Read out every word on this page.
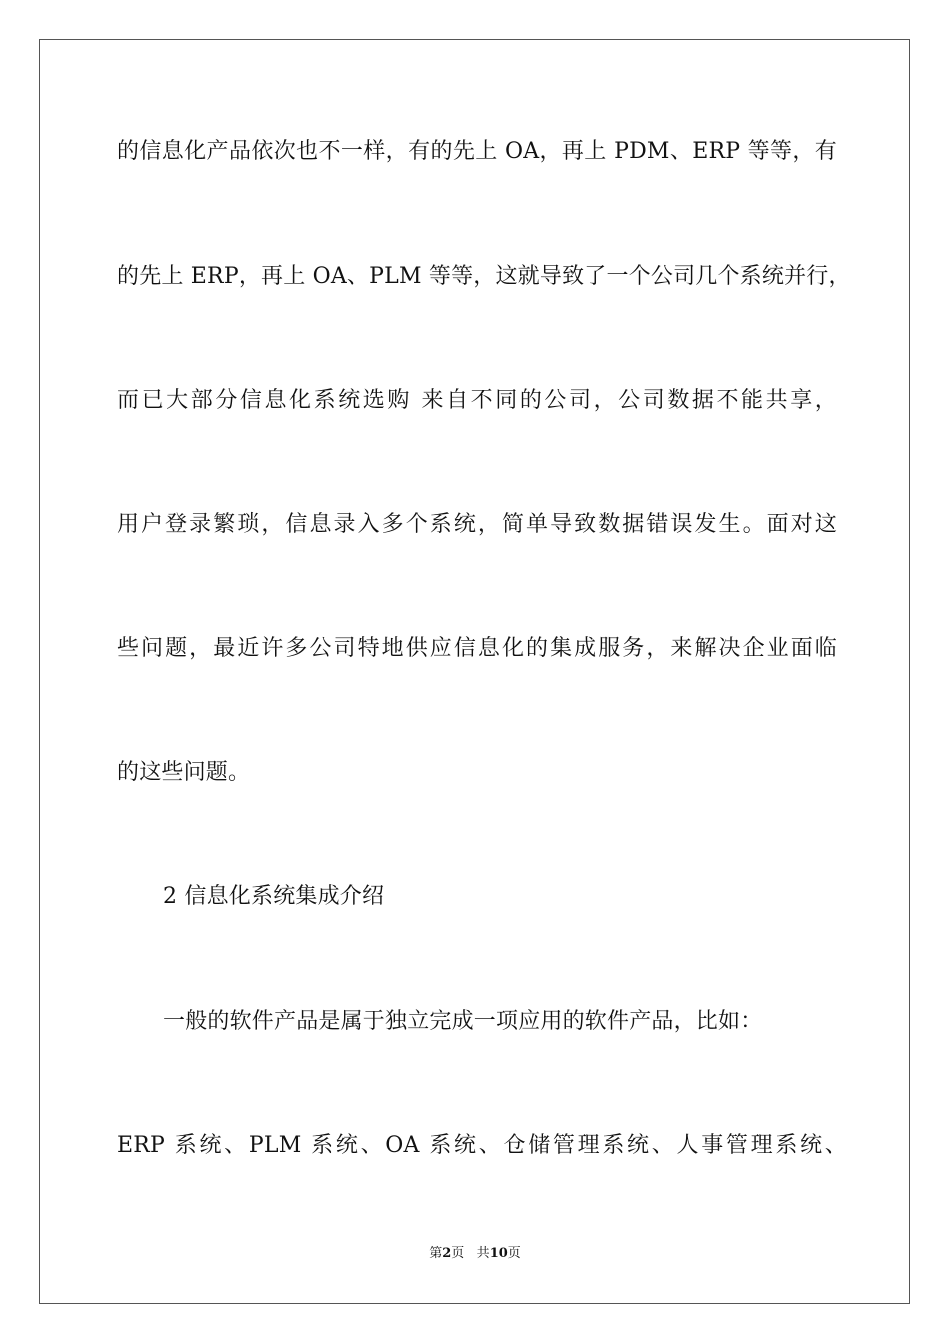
的信息化产品依次也不一样，有的先上 OA，再上 PDM、ERP 等等，有
的先上 ERP，再上 OA、PLM 等等，这就导致了一个公司几个系统并行，
而已大部分信息化系统选购 来自不同的公司，公司数据不能共享，
用户登录繁琐，信息录入多个系统，简单导致数据错误发生。面对这
些问题，最近许多公司特地供应信息化的集成服务，来解决企业面临
的这些问题。
2 信息化系统集成介绍
一般的软件产品是属于独立完成一项应用的软件产品，比如：
ERP 系统、PLM 系统、OA 系统、仓储管理系统、人事管理系统、
第2页 共10页
